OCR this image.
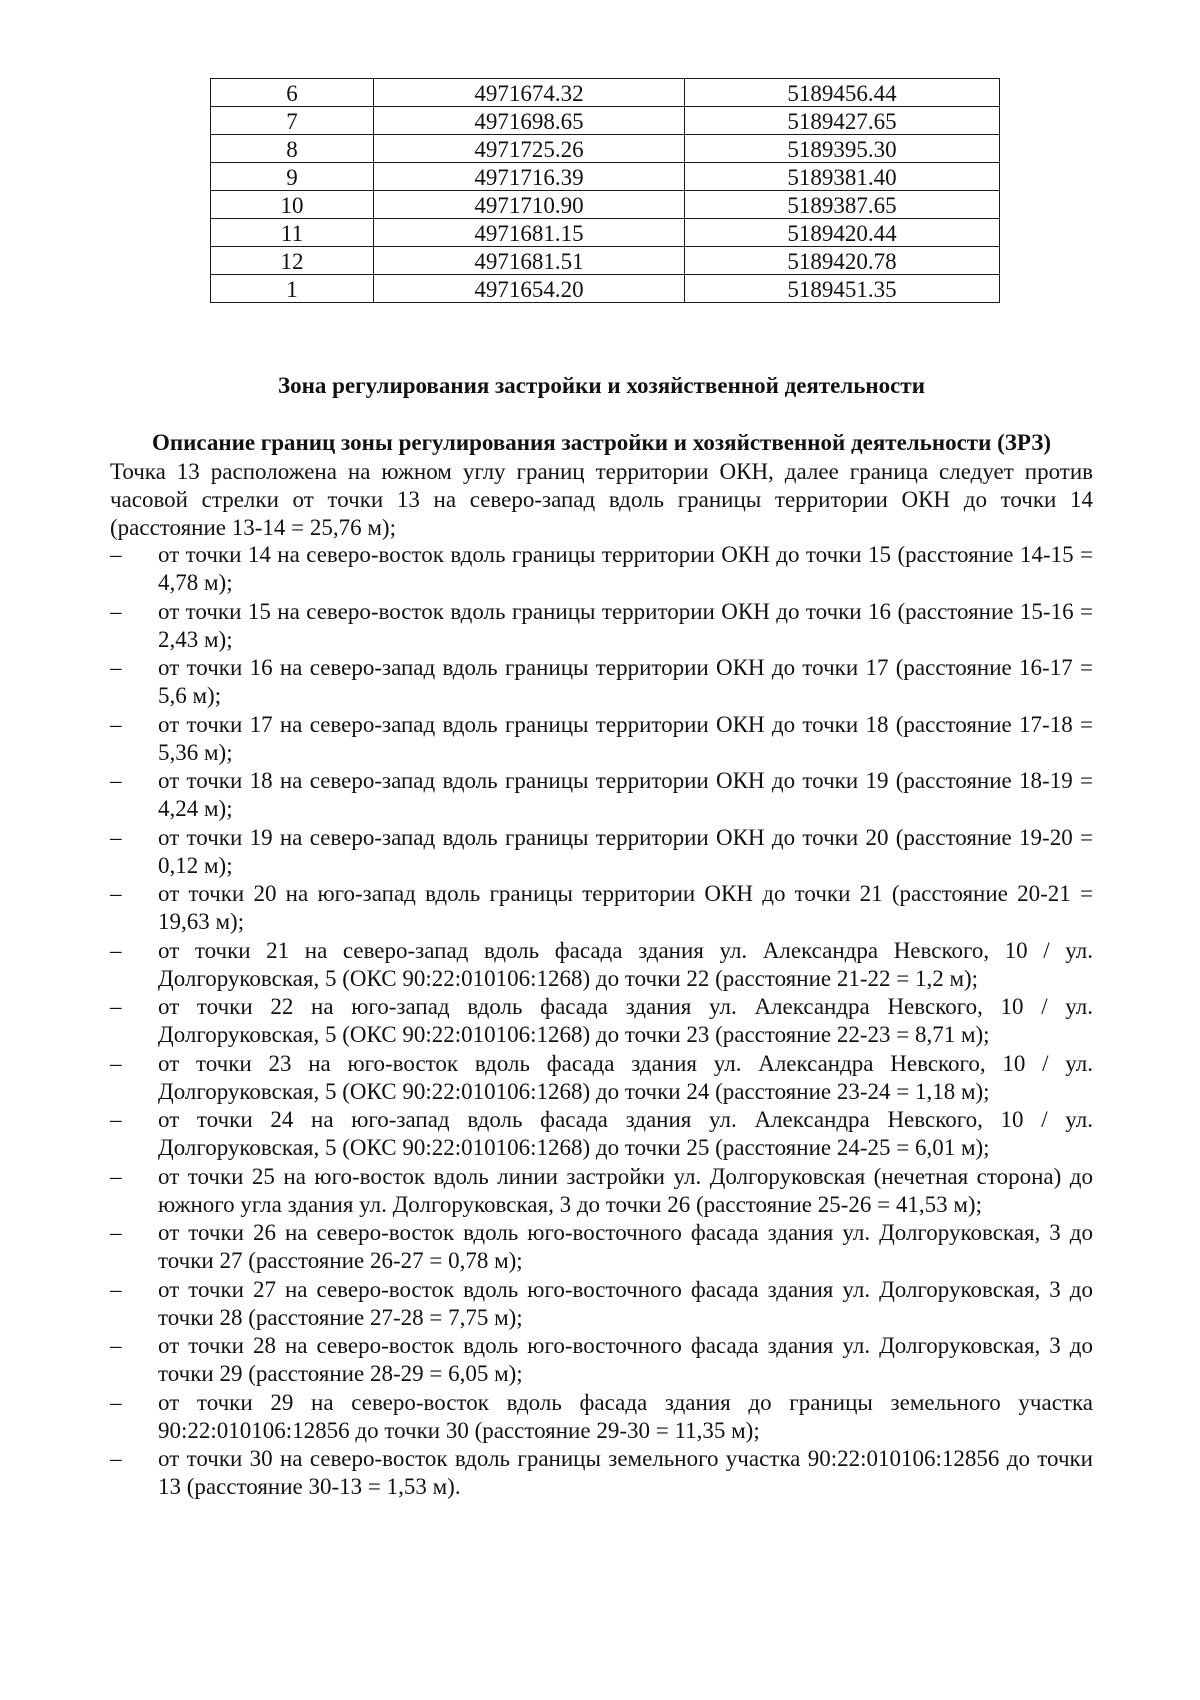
6	4971674.32	5189456.44
7	4971698.65	5189427.65
8	4971725.26	5189395.30
9	4971716.39	5189381.40
10	4971710.90	5189387.65
11	4971681.15	5189420.44
12	4971681.51	5189420.78
1	4971654.20	5189451.35
Зона регулирования застройки и хозяйственной деятельности
Описание границ зоны регулирования застройки и хозяйственной деятельности (ЗРЗ)

Точка 13 расположена на южном углу границ территории ОКН, далее граница следует против часовой стрелки от точки 13 на северо-запад вдоль границы территории ОКН до точки 14 (расстояние 13-14 = 25,76 м);

–	от точки 14 на северо-восток вдоль границы территории ОКН до точки 15 (расстояние 14-15 = 4,78 м);
–	от точки 15 на северо-восток вдоль границы территории ОКН до точки 16 (расстояние 15-16 = 2,43 м);
–	от точки 16 на северо-запад вдоль границы территории ОКН до точки 17 (расстояние 16-17 = 5,6 м);
–	от точки 17 на северо-запад вдоль границы территории ОКН до точки 18 (расстояние 17-18 = 5,36 м);
–	от точки 18 на северо-запад вдоль границы территории ОКН до точки 19 (расстояние 18-19 = 4,24 м);
–	от точки 19 на северо-запад вдоль границы территории ОКН до точки 20 (расстояние 19-20 = 0,12 м);
–	от точки 20 на юго-запад вдоль границы территории ОКН до точки 21 (расстояние 20-21 = 19,63 м);
–	от точки 21 на северо-запад вдоль фасада здания ул. Александра Невского, 10 / ул. Долгоруковская, 5 (ОКС 90:22:010106:1268) до точки 22 (расстояние 21-22 = 1,2 м);
–	от точки 22 на юго-запад вдоль фасада здания ул. Александра Невского, 10 / ул. Долгоруковская, 5 (ОКС 90:22:010106:1268) до точки 23 (расстояние 22-23 = 8,71 м);
–	от точки 23 на юго-восток вдоль фасада здания ул. Александра Невского, 10 / ул. Долгоруковская, 5 (ОКС 90:22:010106:1268) до точки 24 (расстояние 23-24 = 1,18 м);
–	от точки 24 на юго-запад вдоль фасада здания ул. Александра Невского, 10 / ул. Долгоруковская, 5 (ОКС 90:22:010106:1268) до точки 25 (расстояние 24-25 = 6,01 м);
–	от точки 25 на юго-восток вдоль линии застройки ул. Долгоруковская (нечетная сторона) до южного угла здания ул. Долгоруковская, 3 до точки 26 (расстояние 25-26 = 41,53 м);
–	от точки 26 на северо-восток вдоль юго-восточного фасада здания ул. Долгоруковская, 3 до точки 27 (расстояние 26-27 = 0,78 м);
–	от точки 27 на северо-восток вдоль юго-восточного фасада здания ул. Долгоруковская, 3 до точки 28 (расстояние 27-28 = 7,75 м);
–	от точки 28 на северо-восток вдоль юго-восточного фасада здания ул. Долгоруковская, 3 до точки 29 (расстояние 28-29 = 6,05 м);
–	от точки 29 на северо-восток вдоль фасада здания до границы земельного участка 90:22:010106:12856 до точки 30 (расстояние 29-30 = 11,35 м);
–	от точки 30 на северо-восток вдоль границы земельного участка 90:22:010106:12856 до точки 13 (расстояние 30-13 = 1,53 м).
